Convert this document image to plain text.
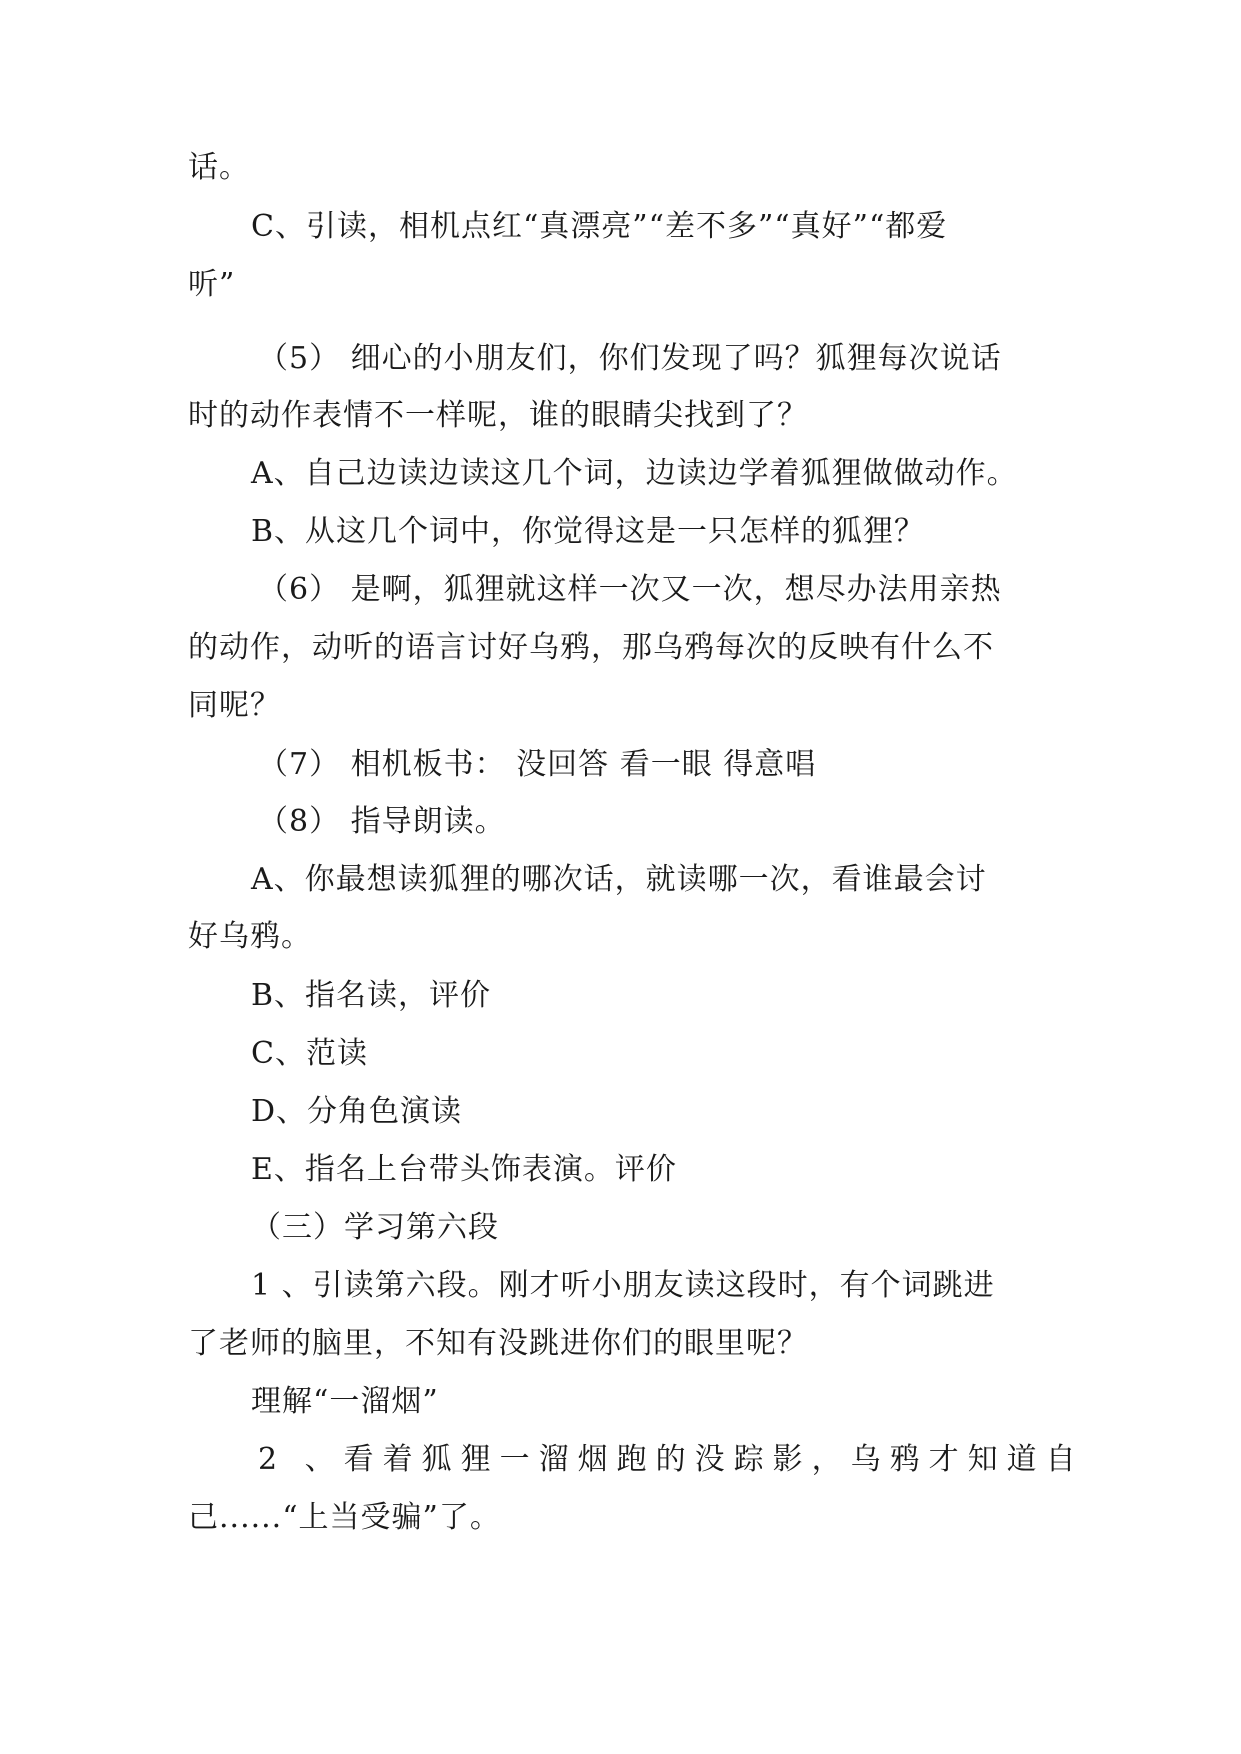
话。
C、引读，相机点红“真漂亮”“差不多”“真好”“都爱
听”
（5） 细心的小朋友们，你们发现了吗？狐狸每次说话
时的动作表情不一样呢，谁的眼睛尖找到了？
A、自己边读边读这几个词，边读边学着狐狸做做动作。
B、从这几个词中，你觉得这是一只怎样的狐狸？
（6） 是啊，狐狸就这样一次又一次，想尽办法用亲热
的动作，动听的语言讨好乌鸦，那乌鸦每次的反映有什么不
同呢？
（7） 相机板书： 没回答 看一眼 得意唱
（8） 指导朗读。
A、你最想读狐狸的哪次话，就读哪一次，看谁最会讨
好乌鸦。
B、指名读，评价
C、范读
D、分角色演读
E、指名上台带头饰表演。评价
（三）学习第六段
1 、引读第六段。刚才听小朋友读这段时，有个词跳进
了老师的脑里，不知有没跳进你们的眼里呢？
理解“一溜烟”
2 、看着狐狸一溜烟跑的没踪影，乌鸦才知道自
己......“上当受骗”了。
